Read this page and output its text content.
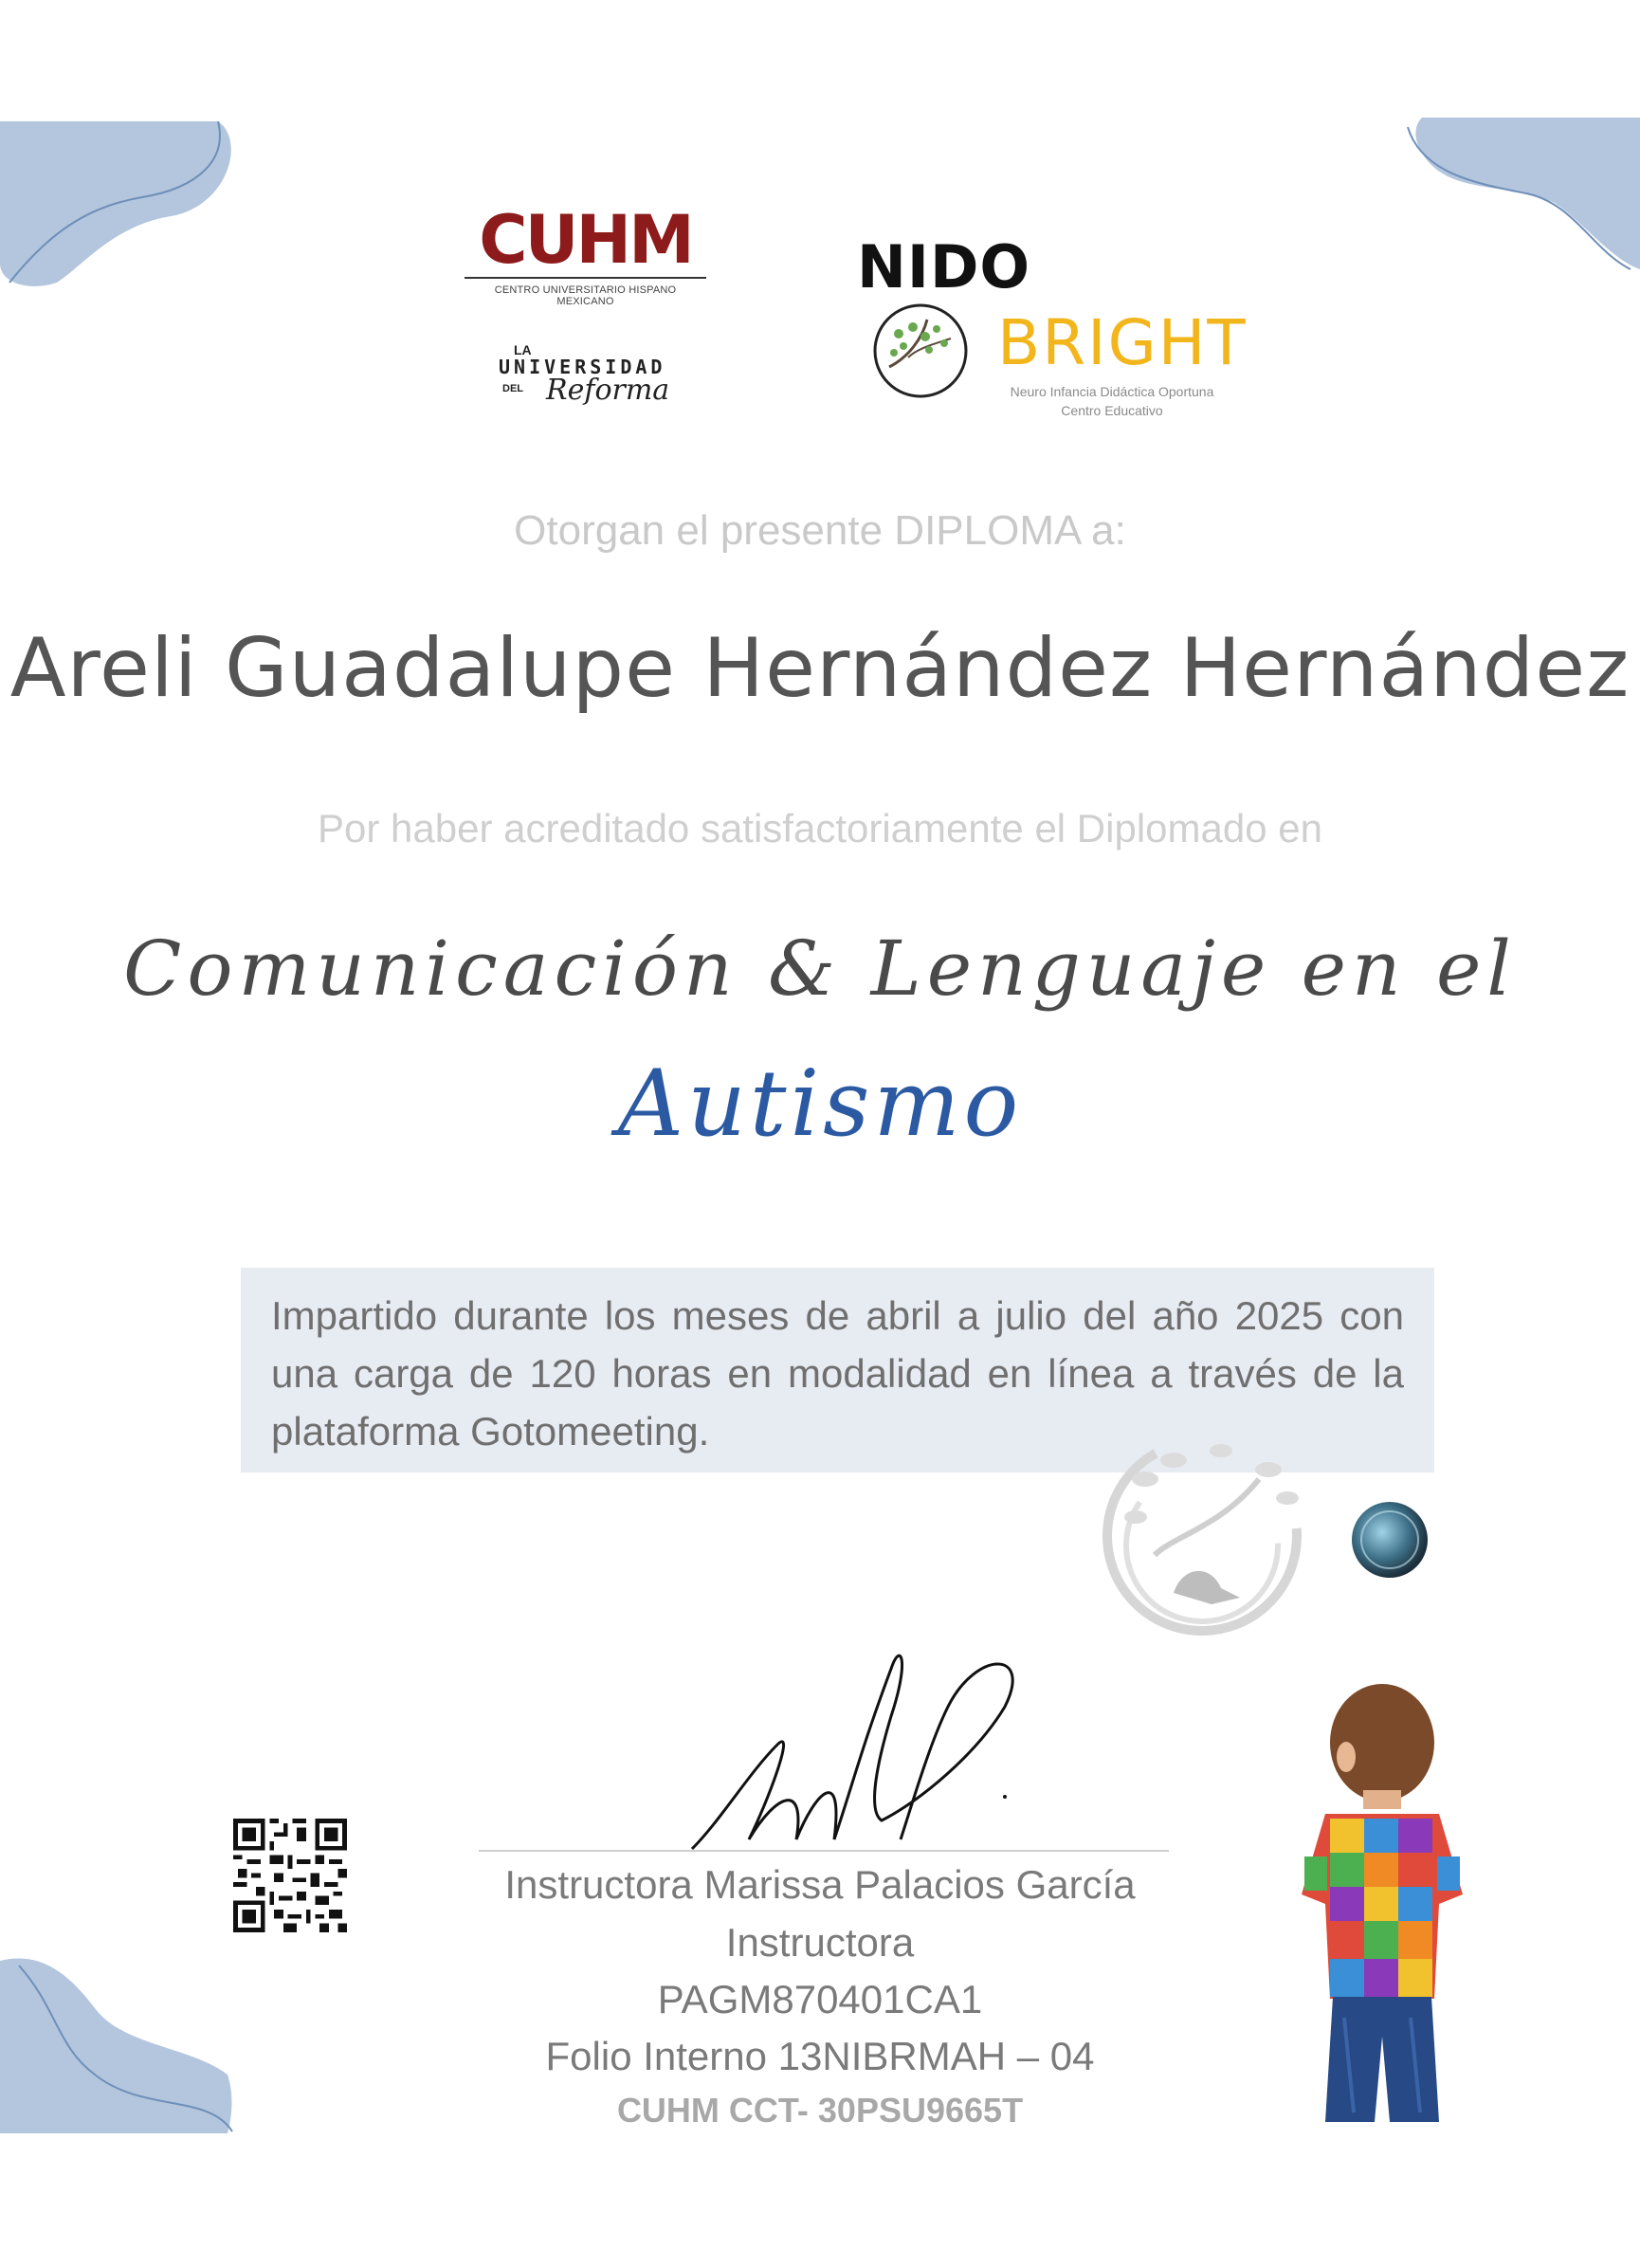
CUHM
CENTRO UNIVERSITARIO HISPANO MEXICANO
LA
UNIVERSIDAD
DEL Reforma
NIDO
BRIGHT
Neuro Infancia Didáctica Oportuna
Centro Educativo
Otorgan el presente DIPLOMA a:
Areli Guadalupe Hernández Hernández
Por haber acreditado satisfactoriamente el Diplomado en
Comunicación & Lenguaje en el
Autismo
Impartido durante los meses de abril a julio del año 2025 con una carga de 120 horas en modalidad en línea a través de la plataforma Gotomeeting.
Instructora Marissa Palacios García
Instructora
PAGM870401CA1
Folio Interno 13NIBRMAH – 04
CUHM CCT- 30PSU9665T
